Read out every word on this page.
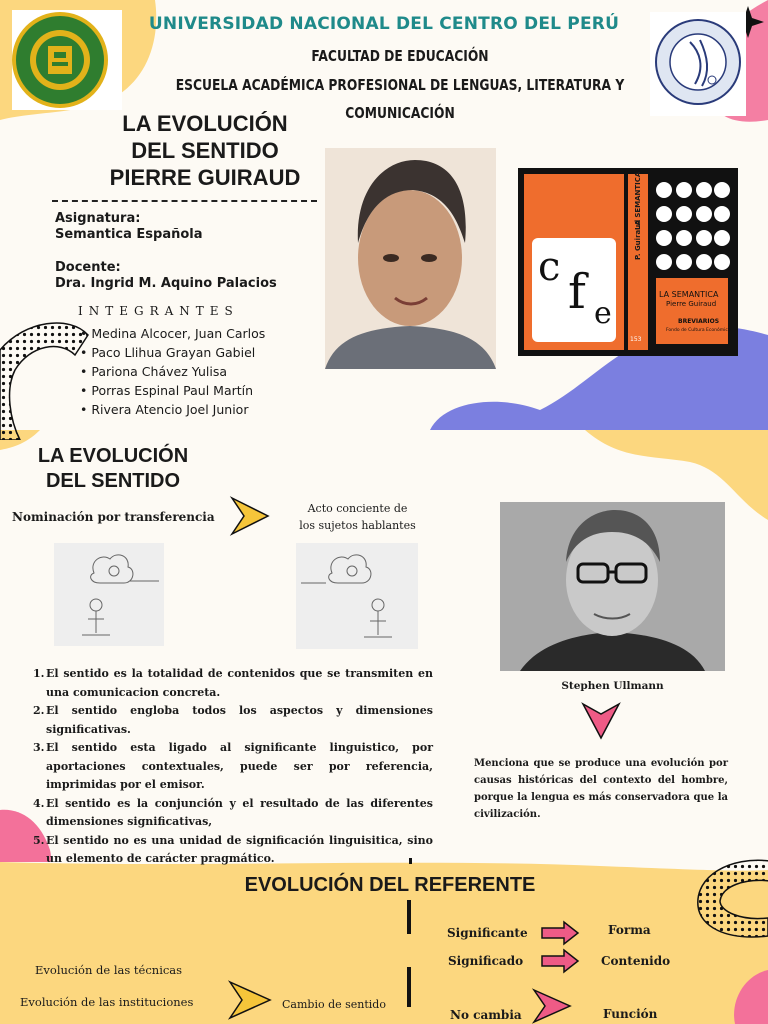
UNIVERSIDAD NACIONAL DEL CENTRO DEL PERÚ
FACULTAD DE EDUCACIÓN
ESCUELA ACADÉMICA PROFESIONAL DE LENGUAS, LITERATURA Y
COMUNICACIÓN
LA EVOLUCIÓN
DEL SENTIDO
PIERRE GUIRAUD
Asignatura:
Semantica Española
Docente:
Dra. Ingrid M. Aquino Palacios
INTEGRANTES
• Medina Alcocer, Juan Carlos
• Paco Llihua Grayan Gabiel
• Pariona Chávez Yulisa
• Porras Espinal Paul Martín
• Rivera Atencio Joel Junior
c f e
P. Guiraud
LA SEMANTICA
153
LA SEMANTICA
Pierre Guiraud
BREVIARIOS
Fondo de Cultura Económica
LA EVOLUCIÓN
DEL SENTIDO
Nominación por transferencia
Acto conciente de
los sujetos hablantes
1. El sentido es la totalidad de contenidos que se transmiten en una comunicacion concreta.
2. El sentido engloba todos los aspectos y dimensiones significativas.
3. El sentido esta ligado al significante linguistico, por aportaciones contextuales, puede ser por referencia, imprimidas por el emisor.
4. El sentido es la conjunción y el resultado de las diferentes dimensiones significativas,
5. El sentido no es una unidad de significación linguisitica, sino un elemento de carácter pragmático.
Stephen Ullmann
Menciona que se produce una evolución por causas históricas del contexto del hombre, porque la lengua es más conservadora que la civilización.
EVOLUCIÓN DEL REFERENTE
Evolución de las técnicas
Evolución de las instituciones	Cambio de sentido
Significante
Significado
No cambia
Forma
Contenido
Función
